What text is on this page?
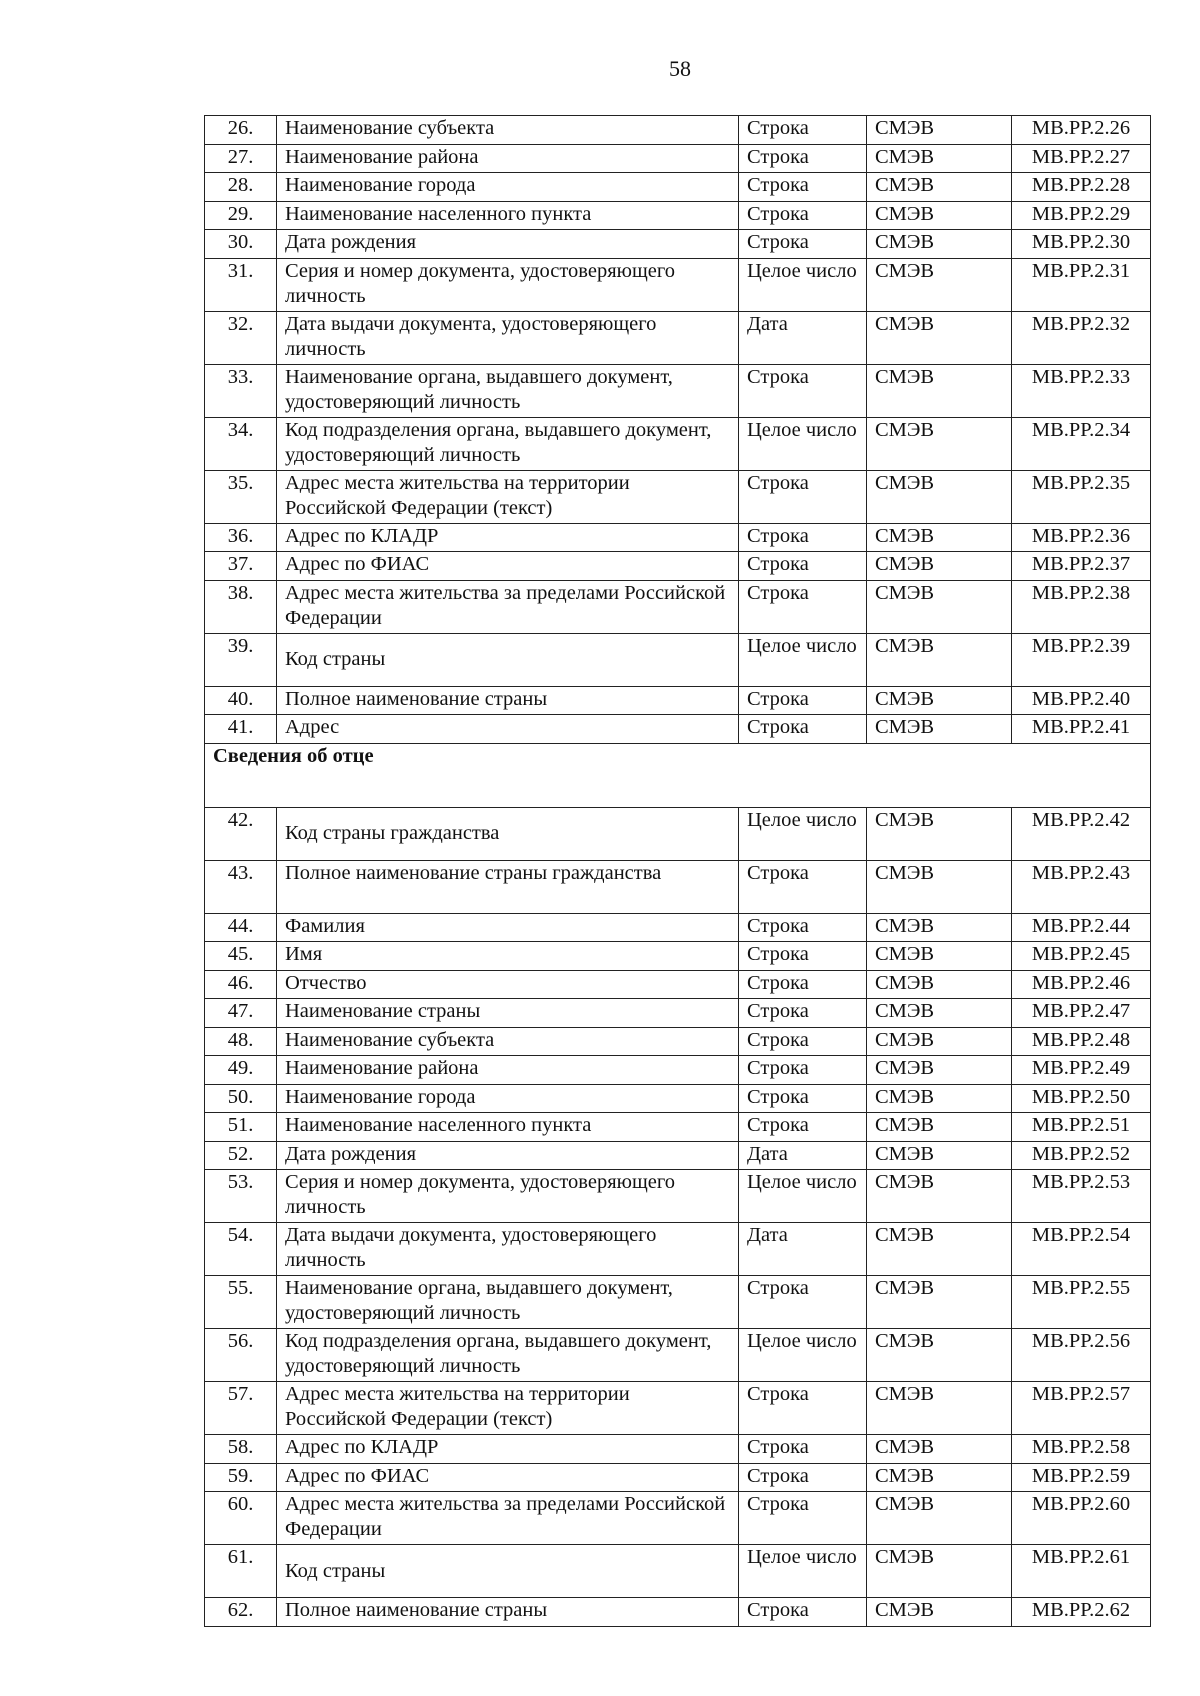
58
26.	Наименование субъекта	Строка	СМЭВ	МВ.РР.2.26
27.	Наименование района	Строка	СМЭВ	МВ.РР.2.27
28.	Наименование города	Строка	СМЭВ	МВ.РР.2.28
29.	Наименование населенного пункта	Строка	СМЭВ	МВ.РР.2.29
30.	Дата рождения	Строка	СМЭВ	МВ.РР.2.30
31.	Серия и номер документа, удостоверяющего личность	Целое число	СМЭВ	МВ.РР.2.31
32.	Дата выдачи документа, удостоверяющего личность	Дата	СМЭВ	МВ.РР.2.32
33.	Наименование органа, выдавшего документ, удостоверяющий личность	Строка	СМЭВ	МВ.РР.2.33
34.	Код подразделения органа, выдавшего документ, удостоверяющий личность	Целое число	СМЭВ	МВ.РР.2.34
35.	Адрес места жительства на территории Российской Федерации (текст)	Строка	СМЭВ	МВ.РР.2.35
36.	Адрес по КЛАДР	Строка	СМЭВ	МВ.РР.2.36
37.	Адрес по ФИАС	Строка	СМЭВ	МВ.РР.2.37
38.	Адрес места жительства за пределами Российской Федерации	Строка	СМЭВ	МВ.РР.2.38
39.	Код страны	Целое число	СМЭВ	МВ.РР.2.39
40.	Полное наименование страны	Строка	СМЭВ	МВ.РР.2.40
41.	Адрес	Строка	СМЭВ	МВ.РР.2.41
Сведения об отце				
42.	Код страны гражданства	Целое число	СМЭВ	МВ.РР.2.42
43.	Полное наименование страны гражданства	Строка	СМЭВ	МВ.РР.2.43
44.	Фамилия	Строка	СМЭВ	МВ.РР.2.44
45.	Имя	Строка	СМЭВ	МВ.РР.2.45
46.	Отчество	Строка	СМЭВ	МВ.РР.2.46
47.	Наименование страны	Строка	СМЭВ	МВ.РР.2.47
48.	Наименование субъекта	Строка	СМЭВ	МВ.РР.2.48
49.	Наименование района	Строка	СМЭВ	МВ.РР.2.49
50.	Наименование города	Строка	СМЭВ	МВ.РР.2.50
51.	Наименование населенного пункта	Строка	СМЭВ	МВ.РР.2.51
52.	Дата рождения	Дата	СМЭВ	МВ.РР.2.52
53.	Серия и номер документа, удостоверяющего личность	Целое число	СМЭВ	МВ.РР.2.53
54.	Дата выдачи документа, удостоверяющего личность	Дата	СМЭВ	МВ.РР.2.54
55.	Наименование органа, выдавшего документ, удостоверяющий личность	Строка	СМЭВ	МВ.РР.2.55
56.	Код подразделения органа, выдавшего документ, удостоверяющий личность	Целое число	СМЭВ	МВ.РР.2.56
57.	Адрес места жительства на территории Российской Федерации (текст)	Строка	СМЭВ	МВ.РР.2.57
58.	Адрес по КЛАДР	Строка	СМЭВ	МВ.РР.2.58
59.	Адрес по ФИАС	Строка	СМЭВ	МВ.РР.2.59
60.	Адрес места жительства за пределами Российской Федерации	Строка	СМЭВ	МВ.РР.2.60
61.	Код страны	Целое число	СМЭВ	МВ.РР.2.61
62.	Полное наименование страны	Строка	СМЭВ	МВ.РР.2.62
